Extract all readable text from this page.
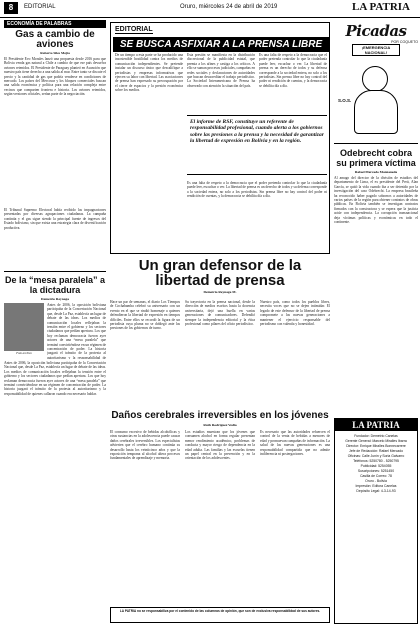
8	EDITORIAL	Oruro, miércoles 24 de abril de 2019	LA PATRIA
ECONOMÍA DE PALABRAS
Gas a cambio de aviones
Roberto Siles Mejía
El Presidente Evo Morales lanzó una propuesta desde 2016 para que Bolivia venda gas natural a Chile a cambio de que ese país devuelva aviones retenidos. El Presidente de Paraguay planteó en Asunción que nuestro país tiene derecho a una salida al mar. Entre tanto se discute el precio y la cantidad de gas que podría venderse en condiciones de mercado. Los países del Mercosur y los bloques comerciales buscan una salida económica y política para una relación compleja entre vecinos que comparten frontera e historia. Los aviones retenidos, según versiones oficiales, serían parte de la negociación.
El Tribunal Supremo Electoral había recibido las impugnaciones presentadas por diversas agrupaciones ciudadanas. La campaña continúa y el gas sigue siendo la principal fuente de ingresos del Estado boliviano, sin que exista una estrategia clara de diversificación productiva.
De la “mesa paralela” a la dictadura
Demetrio Reynaga
Foto archivo
Antes de 2006, la oposición boliviana participaba de la Concertación Nacional que, desde La Paz, establecía un lugar de debate de las ideas. Los medios de comunicación locales reflejaban la tensión entre el gobierno y los sectores ciudadanos que pedían apertura. Los que hoy reclaman democracia fueron ayer actores de una “mesa paralela” que terminó convirtiéndose en un régimen de concentración de poder. La historia juzgará el tránsito de la protesta al autoritarismo y la responsabilidad de
Antes de 2006, la oposición boliviana participaba de la Concertación Nacional que, desde La Paz, establecía un lugar de debate de las ideas. Los medios de comunicación locales reflejaban la tensión entre el gobierno y los sectores ciudadanos que pedían apertura. Los que hoy reclaman democracia fueron ayer actores de una “mesa paralela” que terminó convirtiéndose en un régimen de concentración de poder. La historia juzgará el tránsito de la protesta al autoritarismo y la responsabilidad de quienes callaron cuando era necesario hablar.
EDITORIAL
SE BUSCA ASFIXIAR A LA PRENSA LIBRE
De un tiempo a esta parte se ha producido una insostenible hostilidad contra los medios de comunicación independientes. Se pretende instalar un discurso único que descalifique a periodistas y empresas informativas que ejercen su labor con libertad. Las asociaciones de prensa han expresado su preocupación por el cierre de espacios y la presión económica sobre los medios.
Esta presión se manifiesta en la distribución discrecional de la publicidad estatal, que premia a los afines y castiga a los críticos. A ello se suman procesos judiciales, campañas en redes sociales y declaraciones de autoridades que buscan desacreditar el trabajo periodístico. La Sociedad Interamericana de Prensa ha observado con atención la situación del país.
Es una falta de respeto a la democracia que el poder pretenda controlar lo que la ciudadanía puede leer, escuchar o ver. La libertad de prensa es un derecho de todos y su defensa corresponde a la sociedad entera, no solo a los periodistas. Sin prensa libre no hay control del poder ni rendición de cuentas, y la democracia se debilita día a día.
Es una falta de respeto a la democracia que el poder pretenda controlar lo que la ciudadanía puede leer, escuchar o ver. La libertad de prensa es un derecho de todos y su defensa corresponde a la sociedad entera, no solo a los periodistas. Sin prensa libre no hay control del poder ni rendición de cuentas, y la democracia se debilita día a día.
El informe de RSF, constituye un referente de responsabilidad profesional, cuando alerta a los gobiernos sobre las presiones a la prensa y la necesidad de garantizar la libertad de expresión en Bolivia y en la región.
Picadas
POR COQUETO
¡EMERGENCIA NACIONAL!
S.O.S.
Odebrecht cobra su primera víctima
Rafael Mercado Manzaneda
Al amago del director de la división de estudios del departamento de Lima, el ex presidente del Perú, Alan García, se quitó la vida cuando iba a ser detenido por la investigación del caso Odebrecht. La empresa brasileña ha reconocido haber pagado sobornos a autoridades de varios países de la región para obtener contratos de obras públicas. En Bolivia también se investigan contratos firmados con la constructora y se espera que la justicia actúe con independencia. La corrupción transnacional deja víctimas políticas y económicas en todo el continente.
Un gran defensor de la libertad de prensa
Demetrio Reynaga M.
Hace un par de semanas, el diario Los Tiempos de Cochabamba celebró su aniversario con un evento en el que se rindió homenaje a quienes defendieron la libertad de expresión en tiempos difíciles. Entre ellos se recordó la figura de un periodista cuya pluma no se doblegó ante las presiones de los gobiernos de turno.
Su trayectoria en la prensa nacional, desde la dirección de medios escritos hasta la docencia universitaria, dejó una huella en varias generaciones de comunicadores. Defendió siempre la independencia editorial y la ética profesional como pilares del oficio periodístico.
Nuestro país, como todos los pueblos libres, necesita voces que no se dejen intimidar. El legado de este defensor de la libertad de prensa compromete a las nuevas generaciones a mantener el ejercicio responsable del periodismo con valentía y honestidad.
Daños cerebrales irreversibles en los jóvenes
Ruth Rodríguez Vedia
El consumo excesivo de bebidas alcohólicas y otras sustancias en la adolescencia puede causar daños cerebrales irreversibles. Los especialistas advierten que el cerebro humano continúa su desarrollo hasta los veinticinco años y que la exposición temprana al alcohol altera procesos fundamentales de aprendizaje y memoria.
Los estudios muestran que los jóvenes que consumen alcohol en forma regular presentan menor rendimiento académico, problemas de conducta y mayor riesgo de dependencia en la edad adulta. Las familias y las escuelas tienen un papel central en la prevención y en la orientación de los adolescentes.
Es necesario que las autoridades refuercen el control de la venta de bebidas a menores de edad y promuevan campañas de información. La salud de las nuevas generaciones es una responsabilidad compartida que no admite indiferencia ni postergaciones.
LA PATRIA no se responsabiliza por el contenido de las columnas de opinión, que son de exclusiva responsabilidad de sus autores.
LA PATRIA
Fundador: Demetrio Canelas
Gerente General: Marcelo Miralles Ibarra
Director: Enrique Miralles Bonnecarrere
Jefe de Redacción: Rafael Mercado
Oficinas: Calle Junín y Soria Galvarro
Teléfonos: 5250780 - 5250795
Publicidad: 5254055
Suscripciones: 5251450
Casilla de Correo: 78
Oruro - Bolivia
Impresión: Editora Canelas
Depósito Legal: 4-3-14-93
